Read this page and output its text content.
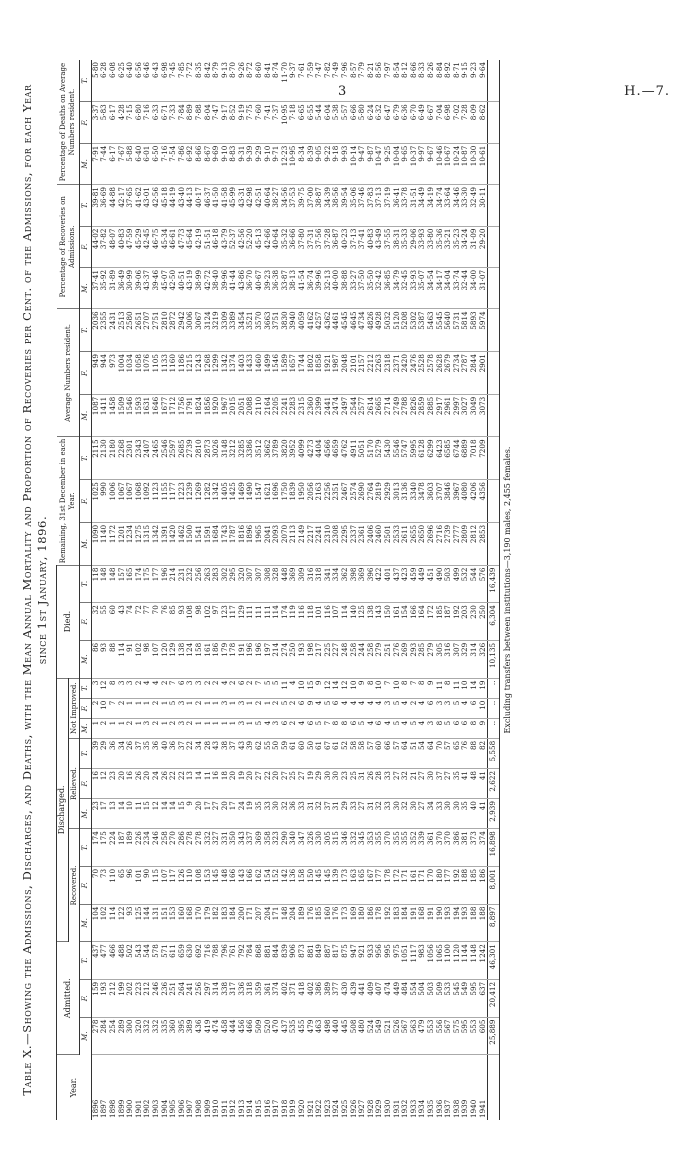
3	H.—7.
Table X.—Showing the Admissions, Discharges, and Deaths, with the Mean Annual Mortality and Proportion of Recoveries per Cent. of the Admissions, for each Year since 1st January, 1896.
Year.	Admitted.			Discharged.									Died.			Remaining, 31st December in each Year.			Average Numbers resident.			Percentage of Recoveries on Admissions.			Percentage of Deaths on Average Numbers resident.		
				Recovered.			Relieved.			Not Improved.																	
	M.	F.	T.	M.	F.	T.	M.	F.	T.	M.	F.	T.	M.	F.	T.	M.	F.	T.	M.	F.	T.	M.	F.	T.	M.	F.	T.
1896	278	159	437	104	70	174	23	16	39	1	2	3	86	32	118	1090	1025	2115	1087	949	2036	37·41	44·02	39·81	7·91	3·37	5·80
1897	284	193	477	102	73	175	17	12	29	2	10	12	93	55	148	1140	990	2130	1411	944	2355	35·92	37·82	36·69	7·44	5·83	6·28
1898	254	212	466	114	110	224	13	23	36	1	7	8	88	60	148	1172	1006	2180	1458	973	2431	31·89	48·07	44·88	6·17	6·17	6·08
1899	289	199	488	122	65	187	14	20	34	1	2	3	114	43	157	1201	1067	2268	1509	1004	2513	36·49	40·83	42·17	7·67	4·28	6·25
1900	300	202	502	93	96	189	10	16	26	2	1	3	91	74	165	1234	1067	2301	1546	1034	2580	30·99	47·59	37·65	5·88	7·15	6·40
1901	320	223	543	125	101	226	11	26	37	1	1	2	102	72	174	1275	1068	2343	1593	1058	2651	39·06	45·29	41·62	6·40	6·80	6·56
1902	332	212	544	144	90	234	15	20	35	3	1	4	98	77	175	1315	1092	2407	1631	1076	2707	43·37	42·45	43·01	6·01	7·16	6·46
1903	332	246	578	131	115	246	12	24	36	2	2	4	107	70	177	1342	1123	2465	1646	1105	2751	39·46	46·75	42·56	6·50	6·33	6·43
1904	335	236	571	151	107	258	14	26	40	1	1	2	120	76	196	1391	1155	2546	1677	1133	2810	45·07	45·34	45·18	7·16	6·71	6·98
1905	360	251	611	153	117	270	14	22	36	2	5	7	129	85	214	1420	1177	2597	1712	1160	2872	42·50	46·61	44·19	7·54	7·33	7·45
1906	395	264	659	160	126	286	15	22	37	3	3	6	138	93	231	1462	1223	2685	1756	1186	2942	40·51	47·73	43·40	7·86	7·84	7·85
1907	389	241	630	168	110	278	9	13	22	2	1	3	124	108	232	1500	1239	2739	1791	1215	3006	43·19	45·64	44·13	6·92	8·89	7·72
1908	436	256	692	170	108	278	20	14	34	1	2	3	158	98	256	1541	1269	2810	1824	1243	3067	38·99	42·19	40·17	8·66	7·88	8·35
1909	419	297	716	179	153	332	17	11	28	1	1	2	161	102	263	1591	1282	2873	1856	1268	3124	42·72	51·51	46·37	8·67	8·04	8·42
1910	474	314	788	182	145	327	27	16	43	1	1	2	186	97	283	1684	1342	3026	1920	1299	3219	38·40	46·18	41·50	9·69	7·47	8·79
1911	458	338	796	183	148	331	20	18	38	1	3	4	179	123	302	1743	1405	3148	1967	1342	3309	39·96	43·79	41·58	9·10	9·17	9·13
1912	444	317	761	184	166	350	17	20	37	1	1	2	178	117	295	1787	1425	3212	2015	1374	3389	41·44	52·37	45·99	8·83	8·52	8·70
1913	456	336	792	200	143	343	24	19	43	3	3	6	191	129	320	1816	1469	3285	2051	1403	3454	43·86	42·56	43·31	9·31	9·19	9·26
1914	466	318	784	171	166	337	19	20	39	1	1	2	196	111	307	1896	1490	3386	2088	1433	3521	36·70	52·20	42·98	9·39	7·75	8·72
1915	509	359	868	207	162	369	35	27	62	5	2	7	196	111	307	1965	1547	3512	2110	1460	3570	40·67	45·13	42·51	9·29	7·60	8·60
1916	520	361	881	204	154	358	33	22	55	4	1	5	197	111	308	2041	1621	3662	2164	1499	3663	39·23	42·66	40·64	9·10	7·41	8·41
1917	470	374	844	171	152	323	30	20	50	3	2	5	214	114	328	2093	1696	3789	2205	1546	3751	36·38	40·64	38·27	9·71	7·37	8·74
1918	437	402	839	148	142	290	32	27	59	6	5	11	274	174	448	2070	1750	3820	2241	1589	3830	33·87	35·32	34·56	12·23	10·95	11·70
1919	535	371	906	204	136	340	36	25	61	2	2	4	250	119	369	2113	1839	3952	2283	1657	3940	38·13	36·66	37·53	10·95	7·18	9·37
1920	455	418	873	189	158	347	33	27	60	4	6	10	193	116	309	2149	1950	4099	2315	1744	4059	41·54	37·80	39·75	8·34	6·65	7·61
1921	479	402	881	176	150	326	31	19	50	6	9	15	198	118	316	2217	2056	4273	2360	1802	4162	36·74	37·31	37·00	8·39	6·55	7·59
1922	463	386	849	185	145	330	32	29	61	5	4	9	217	101	318	2241	2163	4404	2399	1858	4257	39·96	37·56	38·87	9·05	5·44	7·47
1923	498	389	887	160	145	305	37	30	67	7	5	12	225	116	341	2310	2256	4566	2441	1921	4362	32·13	37·28	34·39	9·22	6·04	7·82
1924	440	377	817	176	139	315	31	30	61	8	6	14	227	107	334	2308	2351	4659	2474	1987	4461	40·00	36·87	38·56	9·18	5·38	7·49
1925	445	430	875	173	173	346	29	23	52	8	4	12	248	114	362	2295	2467	4762	2497	2048	4545	38·88	40·23	39·54	9·93	5·57	7·96
1926	508	439	947	169	163	332	33	25	58	6	4	10	258	140	398	2337	2574	4911	2544	2101	4645	33·27	37·13	35·06	10·14	6·66	8·57
1927	480	441	921	180	165	345	27	31	58	5	4	9	244	125	369	2361	2690	5051	2577	2157	4734	37·50	37·41	37·46	9·47	5·80	7·79
1928	524	409	933	186	167	353	31	26	57	4	4	8	258	138	396	2406	2764	5170	2614	2212	4826	35·50	40·83	37·83	9·87	6·24	8·21
1929	549	407	956	178	177	355	32	28	60	6	4	10	279	143	422	2460	2819	5279	2665	2263	4928	32·42	43·49	37·13	10·47	6·32	8·56
1930	521	474	995	192	178	370	33	33	66	4	3	7	251	150	401	2501	2929	5430	2714	2318	5032	36·85	37·55	37·19	9·25	6·47	7·97
1931	526	449	975	183	172	355	30	27	57	5	5	10	276	161	437	2533	3013	5546	2749	2371	5120	34·79	38·31	36·41	10·04	6·79	8·54
1932	567	484	1051	184	171	355	32	32	64	4	4	8	269	154	423	2611	3136	5747	2788	2420	5208	32·45	35·33	33·78	9·65	6·36	8·12
1933	563	554	1117	191	161	352	30	21	51	5	2	7	293	166	459	2655	3340	5995	2826	2476	5302	33·93	29·06	31·51	10·37	6·70	8·66
1934	479	504	983	168	171	339	27	27	54	4	4	8	285	164	449	2650	3478	6128	2859	2528	5387	35·07	33·93	34·49	9·97	6·49	8·33
1935	553	503	1056	191	170	361	34	30	64	3	6	9	279	172	451	2696	3603	6299	2885	2578	5463	34·54	33·80	34·19	9·67	6·67	8·26
1936	556	509	1065	190	180	370	33	37	70	8	3	11	305	185	490	2716	3707	6423	2917	2628	5545	34·17	35·36	34·74	10·46	7·04	8·84
1937	567	533	1100	193	177	370	30	27	57	5	3	8	316	187	503	2739	3846	6585	2961	2679	5640	34·04	33·21	33·64	10·67	6·98	8·92
1938	575	545	1120	194	192	386	30	35	65	6	5	11	307	192	499	2777	3967	6744	2997	2734	5731	33·74	35·23	34·46	10·24	7·02	8·71
1939	595	549	1144	193	188	381	35	41	76	6	4	10	329	203	532	2809	4080	6889	3027	2787	5814	32·44	34·24	33·30	10·87	7·28	9·15
1940	553	595	1148	188	185	373	40	48	88	8	6	14	314	230	544	2812	4206	7018	3049	2844	5893	34·00	31·09	32·49	10·30	8·09	9·23
1941	605	637	1242	188	186	374	41	41	82	9	10	19	326	250	576	2853	4356	7209	3073	2901	5974	31·07	29·20	30·11	10·61	8·62	9·64
	25,889	20,412	46,301	8,897	8,001	16,898	2,939	2,622	5,558	..	..	..	10,135	6,304	16,439												Excluding transfers between institutions—3,190 males, 2,455 females.
